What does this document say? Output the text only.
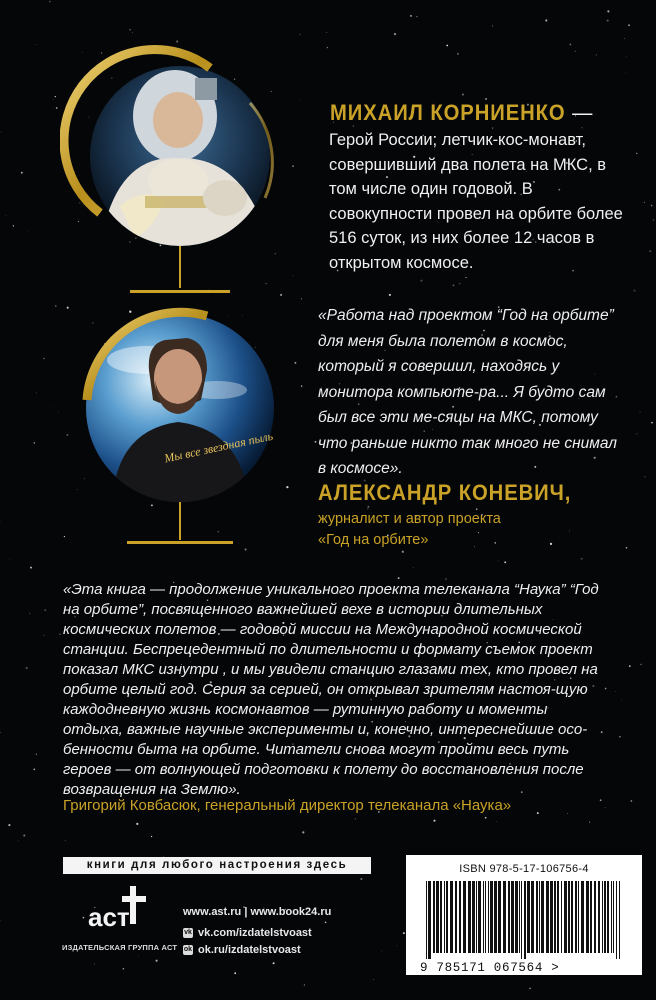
Мы все звездная пыль
МИХАИЛ КОРНИЕНКО —
Герой России; летчик-кос-монавт, совершивший два полета на МКС, в том числе один годовой. В совокупности провел на орбите более 516 суток, из них более 12 часов в открытом космосе.
«Работа над проектом “Год на орбите” для меня была полетом в космос, который я совершил, находясь у монитора компьюте-ра... Я будто сам был все эти ме-сяцы на МКС, потому что раньше никто так много не снимал в космосе».
АЛЕКСАНДР КОНЕВИЧ,
журналист и автор проекта
«Год на орбите»
«Эта книга — продолжение уникального проекта телеканала “Наука” “Год на орбите”, посвященного важнейшей вехе в истории длительных космических полетов — годовой миссии на Международной космической станции. Беспрецедентный по длительности и формату съемок проект показал МКС изнутри , и мы увидели станцию глазами тех, кто провел на орбите целый год. Серия за серией, он открывал зрителям настоя-щую каждодневную жизнь космонавтов — рутинную работу и моменты отдыха, важные научные эксперименты и, конечно, интереснейшие осо-бенности быта на орбите. Читатели снова могут пройти весь путь героев — от волнующей подготовки к полету до восстановления после возвращения на Землю».
Григорий Ковбасюк, генеральный директор телеканала «Наука»
книги для любого настроения здесь
аст
ИЗДАТЕЛЬСКАЯ ГРУППА АСТ
www.ast.ru | www.book24.ru
vk vk.com/izdatelstvoast
ok ok.ru/izdatelstvoast
ISBN 978-5-17-106756-4
9 785171 067564 >
